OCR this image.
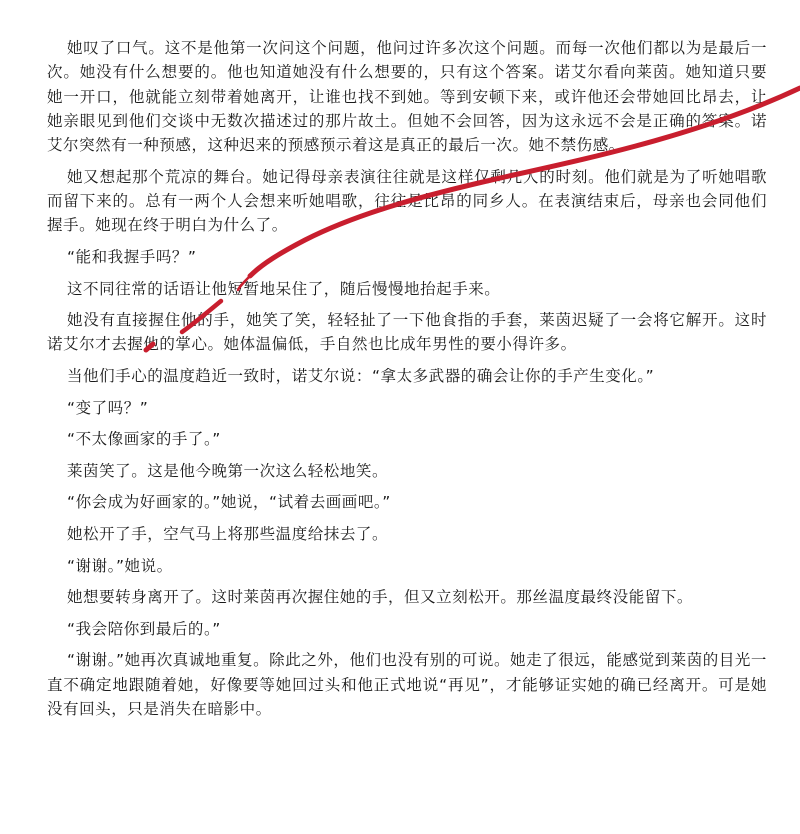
她叹了口气。这不是他第一次问这个问题，他问过许多次这个问题。而每一次他们都以为是最后一次。她没有什么想要的。他也知道她没有什么想要的，只有这个答案。诺艾尔看向莱茵。她知道只要她一开口，他就能立刻带着她离开，让谁也找不到她。等到安顿下来，或许他还会带她回比昂去，让她亲眼见到他们交谈中无数次描述过的那片故土。但她不会回答，因为这永远不会是正确的答案。诺艾尔突然有一种预感，这种迟来的预感预示着这是真正的最后一次。她不禁伤感。

她又想起那个荒凉的舞台。她记得母亲表演往往就是这样仅剩几人的时刻。他们就是为了听她唱歌而留下来的。总有一两个人会想来听她唱歌，往往是比昂的同乡人。在表演结束后，母亲也会同他们握手。她现在终于明白为什么了。

“能和我握手吗？”

这不同往常的话语让他短暂地呆住了，随后慢慢地抬起手来。

她没有直接握住他的手，她笑了笑，轻轻扯了一下他食指的手套，莱茵迟疑了一会将它解开。这时诺艾尔才去握他的掌心。她体温偏低，手自然也比成年男性的要小得许多。

当他们手心的温度趋近一致时，诺艾尔说：“拿太多武器的确会让你的手产生变化。”

“变了吗？”

“不太像画家的手了。”

莱茵笑了。这是他今晚第一次这么轻松地笑。

“你会成为好画家的。”她说，“试着去画画吧。”

她松开了手，空气马上将那些温度给抹去了。

“谢谢。”她说。

她想要转身离开了。这时莱茵再次握住她的手，但又立刻松开。那丝温度最终没能留下。

“我会陪你到最后的。”

“谢谢。”她再次真诚地重复。除此之外，他们也没有别的可说。她走了很远，能感觉到莱茵的目光一直不确定地跟随着她，好像要等她回过头和他正式地说“再见”，才能够证实她的确已经离开。可是她没有回头，只是消失在暗影中。
